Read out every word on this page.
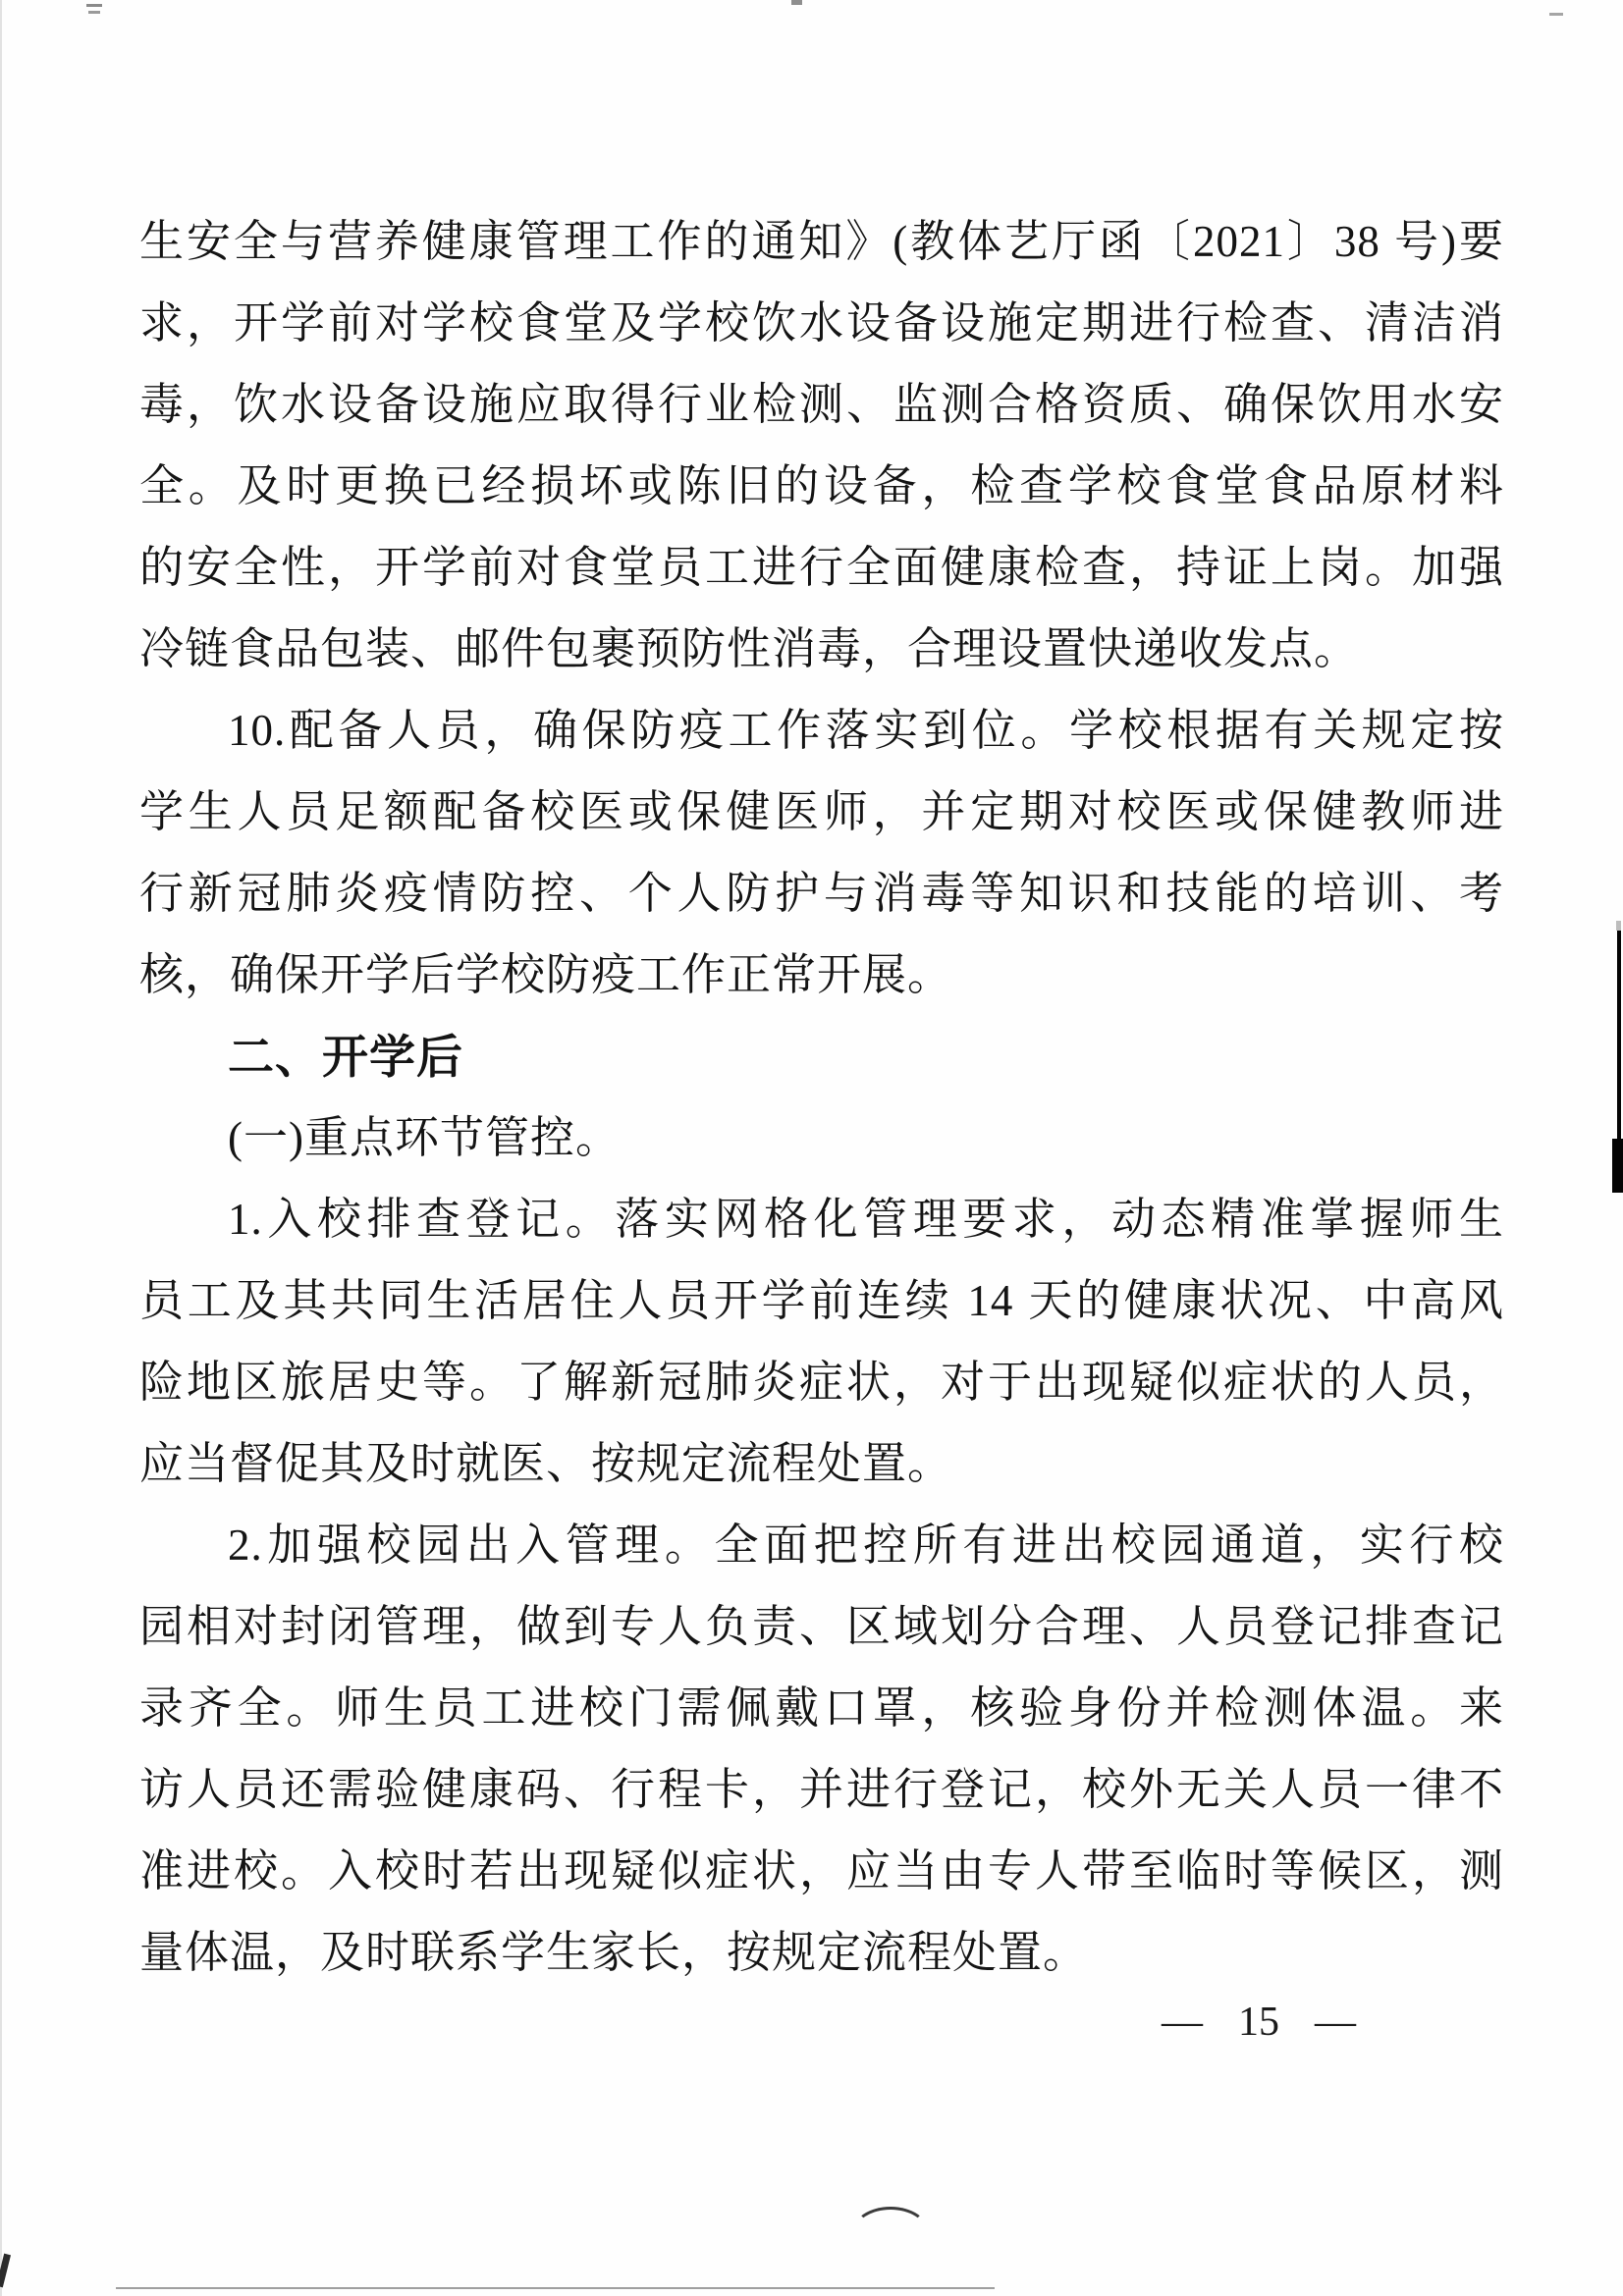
生安全与营养健康管理工作的通知》(教体艺厅函〔2021〕38 号)要
求，开学前对学校食堂及学校饮水设备设施定期进行检查、清洁消
毒，饮水设备设施应取得行业检测、监测合格资质、确保饮用水安
全。及时更换已经损坏或陈旧的设备，检查学校食堂食品原材料
的安全性，开学前对食堂员工进行全面健康检查，持证上岗。加强
冷链食品包装、邮件包裹预防性消毒，合理设置快递收发点。
10.配备人员，确保防疫工作落实到位。学校根据有关规定按
学生人员足额配备校医或保健医师，并定期对校医或保健教师进
行新冠肺炎疫情防控、个人防护与消毒等知识和技能的培训、考
核，确保开学后学校防疫工作正常开展。
二、开学后
(一)重点环节管控。
1.入校排查登记。落实网格化管理要求，动态精准掌握师生
员工及其共同生活居住人员开学前连续 14 天的健康状况、中高风
险地区旅居史等。了解新冠肺炎症状，对于出现疑似症状的人员，
应当督促其及时就医、按规定流程处置。
2.加强校园出入管理。全面把控所有进出校园通道，实行校
园相对封闭管理，做到专人负责、区域划分合理、人员登记排查记
录齐全。师生员工进校门需佩戴口罩，核验身份并检测体温。来
访人员还需验健康码、行程卡，并进行登记，校外无关人员一律不
准进校。入校时若出现疑似症状，应当由专人带至临时等候区，测
量体温，及时联系学生家长，按规定流程处置。
— 15 —
